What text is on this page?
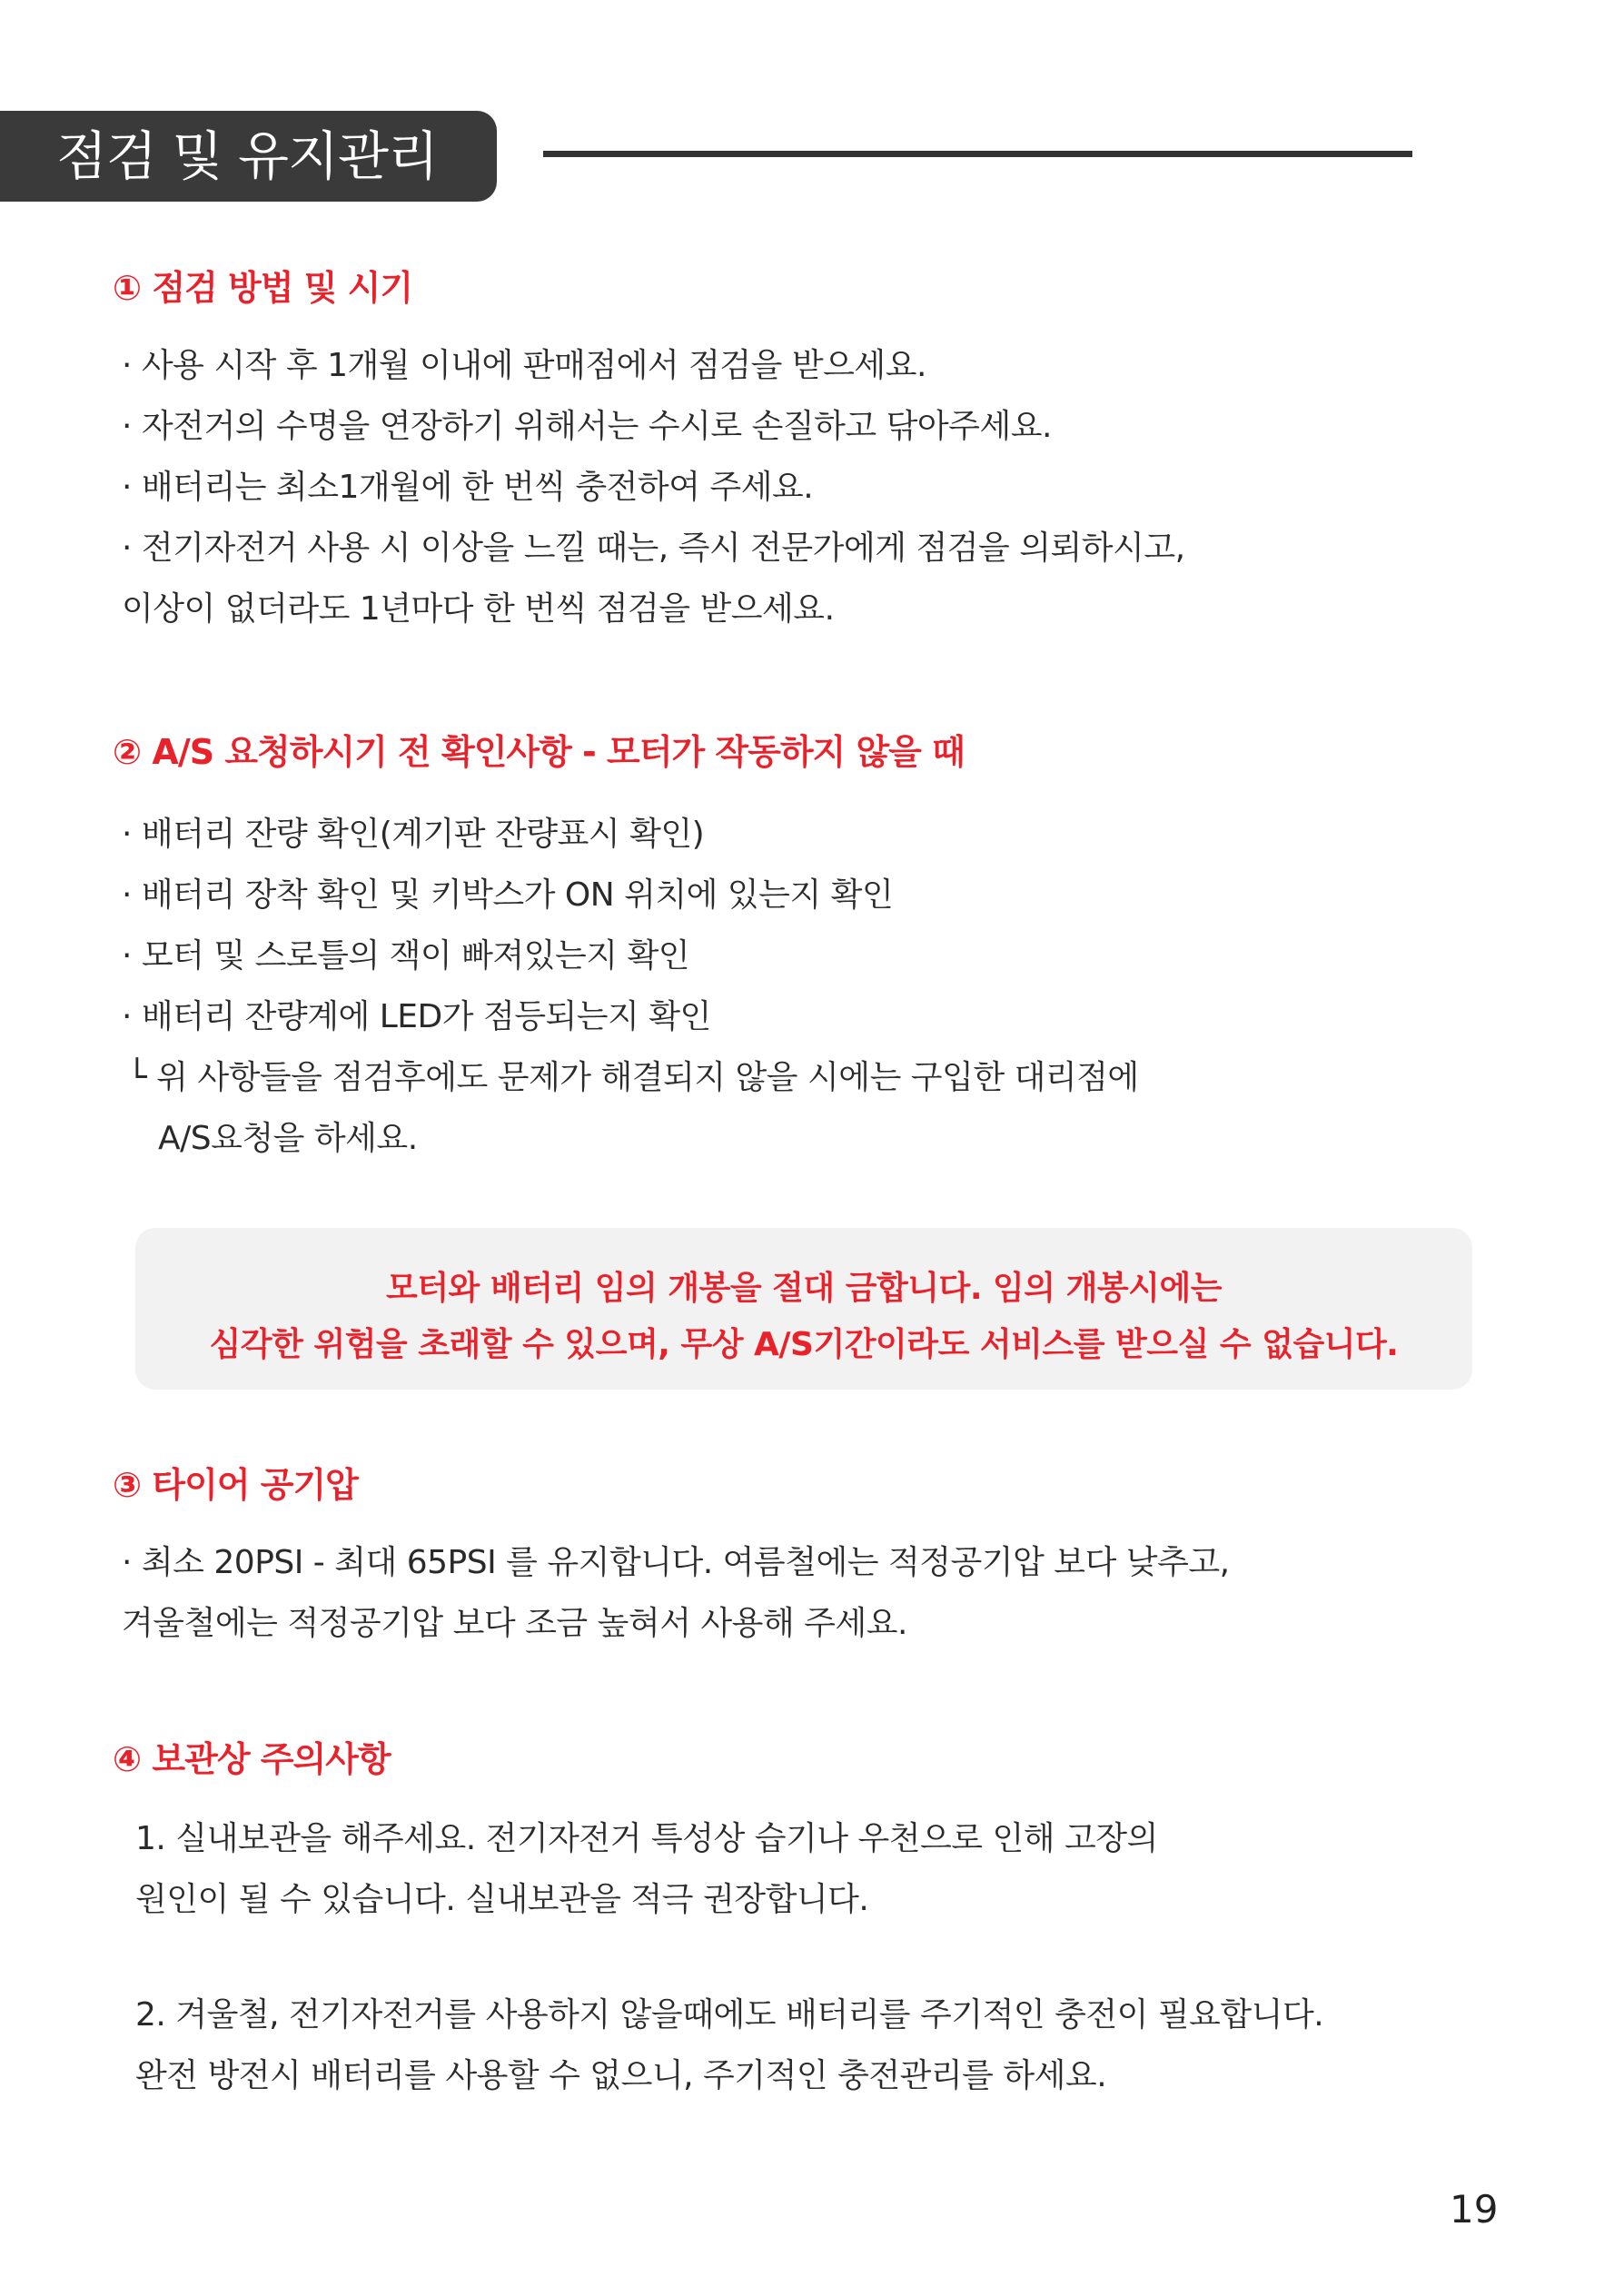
점검 및 유지관리
① 점검 방법 및 시기
· 사용 시작 후 1개월 이내에 판매점에서 점검을 받으세요.
· 자전거의 수명을 연장하기 위해서는 수시로 손질하고 닦아주세요.
· 배터리는 최소1개월에 한 번씩 충전하여 주세요.
· 전기자전거 사용 시 이상을 느낄 때는, 즉시 전문가에게 점검을 의뢰하시고,
이상이 없더라도 1년마다 한 번씩 점검을 받으세요.
② A/S 요청하시기 전 확인사항 - 모터가 작동하지 않을 때
· 배터리 잔량 확인(계기판 잔량표시 확인)
· 배터리 장착 확인 및 키박스가 ON 위치에 있는지 확인
· 모터 및 스로틀의 잭이 빠져있는지 확인
· 배터리 잔량계에 LED가 점등되는지 확인
└ 위 사항들을 점검후에도 문제가 해결되지 않을 시에는 구입한 대리점에
A/S요청을 하세요.
모터와 배터리 임의 개봉을 절대 금합니다. 임의 개봉시에는
심각한 위험을 초래할 수 있으며, 무상 A/S기간이라도 서비스를 받으실 수 없습니다.
③ 타이어 공기압
· 최소 20PSI - 최대 65PSI 를 유지합니다. 여름철에는 적정공기압 보다 낮추고,
겨울철에는 적정공기압 보다 조금 높혀서 사용해 주세요.
④ 보관상 주의사항
1. 실내보관을 해주세요. 전기자전거 특성상 습기나 우천으로 인해 고장의
원인이 될 수 있습니다. 실내보관을 적극 권장합니다.
2. 겨울철, 전기자전거를 사용하지 않을때에도 배터리를 주기적인 충전이 필요합니다.
완전 방전시 배터리를 사용할 수 없으니, 주기적인 충전관리를 하세요.
19
